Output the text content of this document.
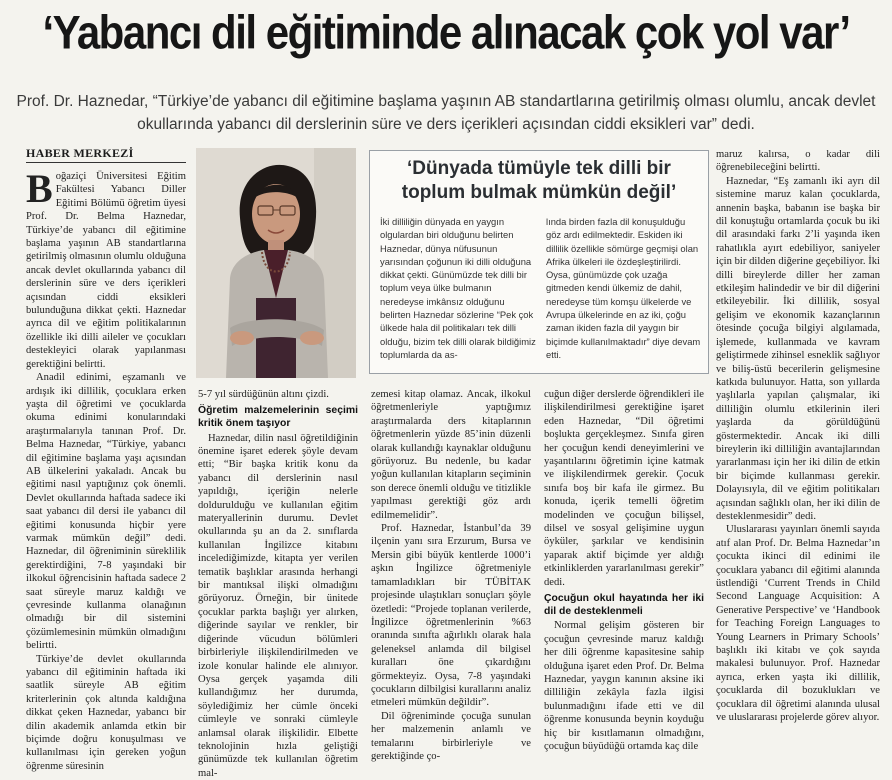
‘Yabancı dil eğitiminde alınacak çok yol var’
Prof. Dr. Haznedar, “Türkiye’de yabancı dil eğitimine başlama yaşının AB standartlarına getirilmiş olması olumlu, ancak devlet okullarında yabancı dil derslerinin süre ve ders içerikleri açısından ciddi eksikleri var” dedi.
HABER MERKEZİ

Boğaziçi Üniversitesi Eğitim Fakültesi Yabancı Diller Eğitimi Bölümü öğretim üyesi Prof. Dr. Belma Haznedar, Türkiye’de yabancı dil eğitimine başlama yaşının AB standartlarına getirilmiş olmasının olumlu olduğuna ancak devlet okullarında yabancı dil derslerinin süre ve ders içerikleri açısından ciddi eksikleri bulunduğuna dikkat çekti. Haznedar ayrıca dil ve eğitim politikalarının özellikle iki dilli aileler ve çocukları destekleyici olarak yapılanması gerektiğini belirtti.

Anadil edinimi, eşzamanlı ve ardışık iki dillilik, çocuklara erken yaşta dil öğretimi ve çocuklarda okuma edinimi konularındaki araştırmalarıyla tanınan Prof. Dr. Belma Haznedar, “Türkiye, yabancı dil eğitimine başlama yaşı açısından AB ülkelerini yakaladı. Ancak bu eğitimi nasıl yaptığınız çok önemli. Devlet okullarında haftada sadece iki saat yabancı dil dersi ile yabancı dil eğitimi konusunda hiçbir yere varmak mümkün değil” dedi. Haznedar, dil öğreniminin süreklilik gerektirdiğini, 7-8 yaşındaki bir ilkokul öğrencisinin haftada sadece 2 saat süreyle maruz kaldığı ve çevresinde kullanma olanağının olmadığı bir dil sistemini çözümlemesinin mümkün olmadığını belirtti.

Türkiye’de devlet okullarında yabancı dil eğitiminin haftada iki saatlik süreyle AB eğitim kriterlerinin çok altında kaldığına dikkat çeken Haznedar, yabancı bir dilin akademik anlamda etkin bir biçimde doğru konuşulması ve kullanılması için gereken yoğun öğrenme süresinin

‘Dünyada tümüyle tek dilli bir toplum bulmak mümkün değil’
İki dilliliğin dünyada en yaygın olgulardan biri olduğunu belirten Haznedar, dünya nüfusunun yarısından çoğunun iki dilli olduğuna dikkat çekti. Günümüzde tek dilli bir toplum veya ülke bulmanın neredeyse imkânsız olduğunu belirten Haznedar sözlerine “Pek çok ülkede hala dil politikaları tek dilli olduğu, bizim tek dilli olarak bildiğimiz toplumlarda da as-
lında birden fazla dil konuşulduğu göz ardı edilmektedir. Eskiden iki dillilik özellikle sömürge geçmişi olan Afrika ülkeleri ile özdeşleştirilirdi. Oysa, günümüzde çok uzağa gitmeden kendi ülkemiz de dahil, neredeyse tüm komşu ülkelerde ve Avrupa ülkelerinde en az iki, çoğu zaman ikiden fazla dil yaygın bir biçimde kullanılmaktadır” diye devam etti.

5-7 yıl sürdüğünün altını çizdi.

Öğretim malzemelerinin seçimi kritik önem taşıyor

Haznedar, dilin nasıl öğretildiğinin önemine işaret ederek şöyle devam etti; “Bir başka kritik konu da yabancı dil derslerinin nasıl yapıldığı, içeriğin nelerle doldurulduğu ve kullanılan eğitim materyallerinin durumu. Devlet okullarında şu an da 2. sınıflarda kullanılan İngilizce kitabını incelediğimizde, kitapta yer verilen tematik başlıklar arasında herhangi bir mantıksal ilişki olmadığını görüyoruz. Örneğin, bir ünitede çocuklar parkta başlığı yer alırken, diğerinde sayılar ve renkler, bir diğerinde vücudun bölümleri birbirleriyle ilişkilendirilmeden ve izole konular halinde ele alınıyor. Oysa gerçek yaşamda dili kullandığımız her durumda, söylediğimiz her cümle önceki cümleyle ve sonraki cümleyle anlamsal olarak ilişkilidir. Elbette teknolojinin hızla geliştiği günümüzde tek kullanılan öğretim mal-

zemesi kitap olamaz. Ancak, ilkokul öğretmenleriyle yaptığımız araştırmalarda ders kitaplarının öğretmenlerin yüzde 85’inin düzenli olarak kullandığı kaynaklar olduğunu görüyoruz. Bu nedenle, bu kadar yoğun kullanılan kitapların seçiminin son derece önemli olduğu ve titizlikle yapılması gerektiği göz ardı edilmemelidir”.

Prof. Haznedar, İstanbul’da 39 ilçenin yanı sıra Erzurum, Bursa ve Mersin gibi büyük kentlerde 1000’i aşkın İngilizce öğretmeniyle tamamladıkları bir TÜBİTAK projesinde ulaştıkları sonuçları şöyle özetledi: “Projede toplanan verilerde, İngilizce öğretmenlerinin %63 oranında sınıfta ağırlıklı olarak hala geleneksel anlamda dil bilgisel kuralları öne çıkardığını görmekteyiz. Oysa, 7-8 yaşındaki çocukların dilbilgisi kurallarını analiz etmeleri mümkün değildir”.

Dil öğreniminde çocuğa sunulan her malzemenin anlamlı ve temalarını birbirleriyle ve gerektiğinde ço-

cuğun diğer derslerde öğrendikleri ile ilişkilendirilmesi gerektiğine işaret eden Haznedar, “Dil öğretimi boşlukta gerçekleşmez. Sınıfa giren her çocuğun kendi deneyimlerini ve yaşantılarını öğretimin içine katmak ve ilişkilendirmek gerekir. Çocuk sınıfa boş bir kafa ile girmez. Bu konuda, içerik temelli öğretim modelinden ve çocuğun bilişsel, dilsel ve sosyal gelişimine uygun öyküler, şarkılar ve kendisinin yaparak aktif biçimde yer aldığı etkinliklerden yararlanılması gerekir” dedi.

Çocuğun okul hayatında her iki dil de desteklenmeli

Normal gelişim gösteren bir çocuğun çevresinde maruz kaldığı her dili öğrenme kapasitesine sahip olduğuna işaret eden Prof. Dr. Belma Haznedar, yaygın kanının aksine iki dilliliğin zekâyla fazla ilgisi bulunmadığını ifade etti ve dil öğrenme konusunda beynin koyduğu hiç bir kısıtlamanın olmadığını, çocuğun büyüdüğü ortamda kaç dile

maruz kalırsa, o kadar dili öğrenebileceğini belirtti.

Haznedar, “Eş zamanlı iki ayrı dil sistemine maruz kalan çocuklarda, annenin başka, babanın ise başka bir dil konuştuğu ortamlarda çocuk bu iki dil arasındaki farkı 2’li yaşında iken rahatlıkla ayırt edebiliyor, saniyeler için bir dilden diğerine geçebiliyor. İki dilli bireylerde diller her zaman etkileşim halindedir ve bir dil diğerini etkileyebilir. İki dillilik, sosyal gelişim ve ekonomik kazançlarının ötesinde çocuğa bilgiyi algılamada, işlemede, kullanmada ve kavram geliştirmede zihinsel esneklik sağlıyor ve biliş-üstü becerilerin gelişmesine katkıda bulunuyor. Hatta, son yıllarda yaşlılarla yapılan çalışmalar, iki dilliliğin olumlu etkilerinin ileri yaşlarda da görüldüğünü göstermektedir. Ancak iki dilli bireylerin iki dilliliğin avantajlarından yararlanması için her iki dilin de etkin bir biçimde kullanması gerekir. Dolayısıyla, dil ve eğitim politikaları açısından sağlıklı olan, her iki dilin de desteklenmesidir” dedi.

Uluslararası yayınları önemli sayıda atıf alan Prof. Dr. Belma Haznedar’ın çocukta ikinci dil edinimi ile çocuklara yabancı dil eğitimi alanında üstlendiği ‘Current Trends in Child Second Language Acquisition: A Generative Perspective’ ve ‘Handbook for Teaching Foreign Languages to Young Learners in Primary Schools’ başlıklı iki kitabı ve çok sayıda makalesi bulunuyor. Prof. Haznedar ayrıca, erken yaşta iki dillilik, çocuklarda dil bozuklukları ve çocuklara dil öğretimi alanında ulusal ve uluslararası projelerde görev alıyor.
